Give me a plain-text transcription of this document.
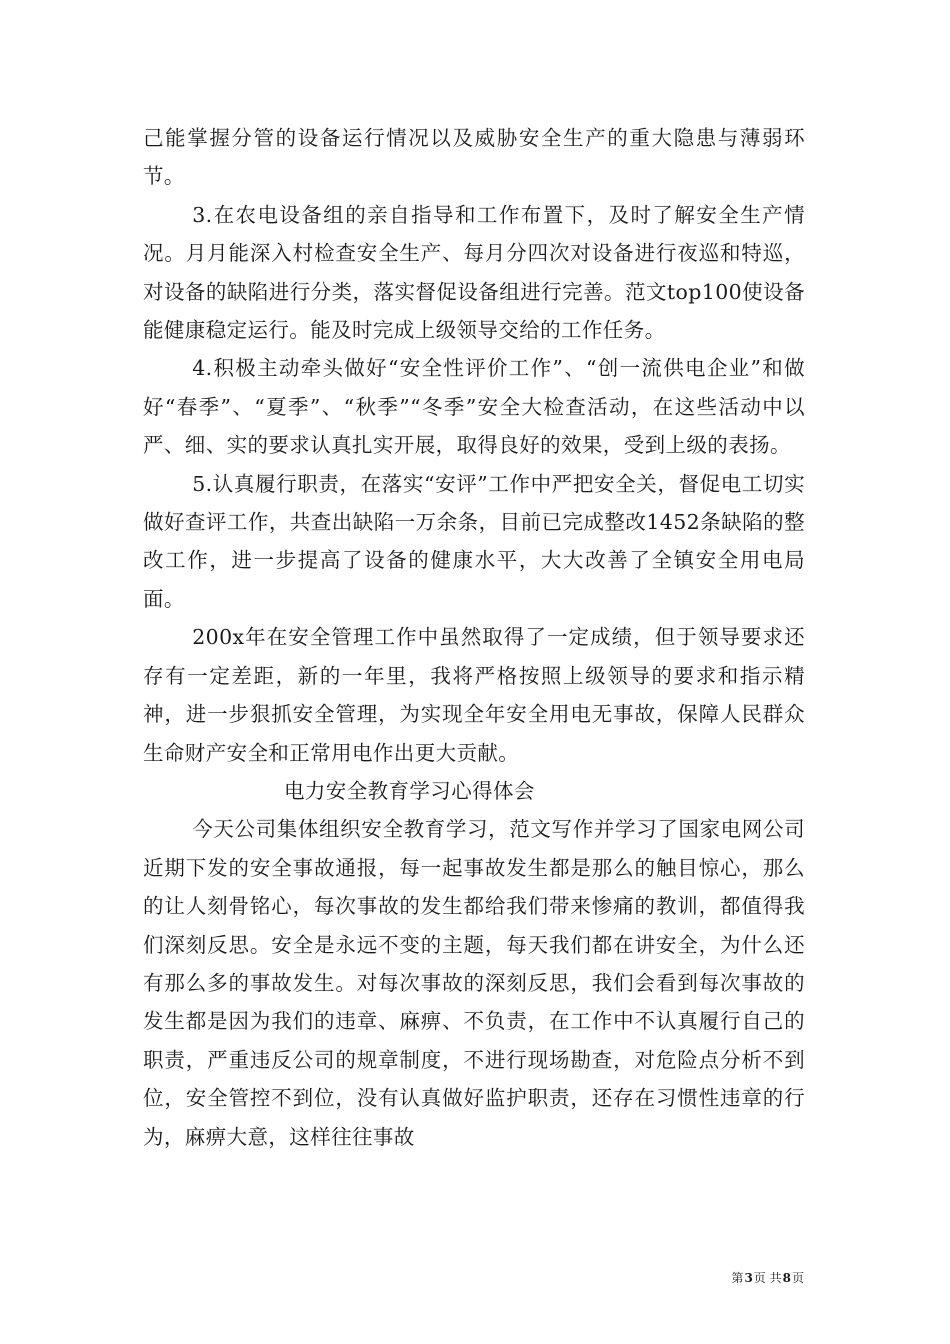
己能掌握分管的设备运行情况以及威胁安全生产的重大隐患与薄弱环节。

3.在农电设备组的亲自指导和工作布置下，及时了解安全生产情况。月月能深入村检查安全生产、每月分四次对设备进行夜巡和特巡，对设备的缺陷进行分类，落实督促设备组进行完善。范文top100使设备能健康稳定运行。能及时完成上级领导交给的工作任务。

4.积极主动牵头做好“安全性评价工作”、“创一流供电企业”和做好“春季”、“夏季”、“秋季”“冬季”安全大检查活动，在这些活动中以严、细、实的要求认真扎实开展，取得良好的效果，受到上级的表扬。

5.认真履行职责，在落实“安评”工作中严把安全关，督促电工切实做好查评工作，共查出缺陷一万余条，目前已完成整改1452条缺陷的整改工作，进一步提高了设备的健康水平，大大改善了全镇安全用电局面。

200x年在安全管理工作中虽然取得了一定成绩，但于领导要求还存有一定差距，新的一年里，我将严格按照上级领导的要求和指示精神，进一步狠抓安全管理，为实现全年安全用电无事故，保障人民群众生命财产安全和正常用电作出更大贡献。

电力安全教育学习心得体会

今天公司集体组织安全教育学习，范文写作并学习了国家电网公司近期下发的安全事故通报，每一起事故发生都是那么的触目惊心，那么的让人刻骨铭心，每次事故的发生都给我们带来惨痛的教训，都值得我们深刻反思。安全是永远不变的主题，每天我们都在讲安全，为什么还有那么多的事故发生。对每次事故的深刻反思，我们会看到每次事故的发生都是因为我们的违章、麻痹、不负责，在工作中不认真履行自己的职责，严重违反公司的规章制度，不进行现场勘查，对危险点分析不到位，安全管控不到位，没有认真做好监护职责，还存在习惯性违章的行为，麻痹大意，这样往往事故

第3页 共8页
